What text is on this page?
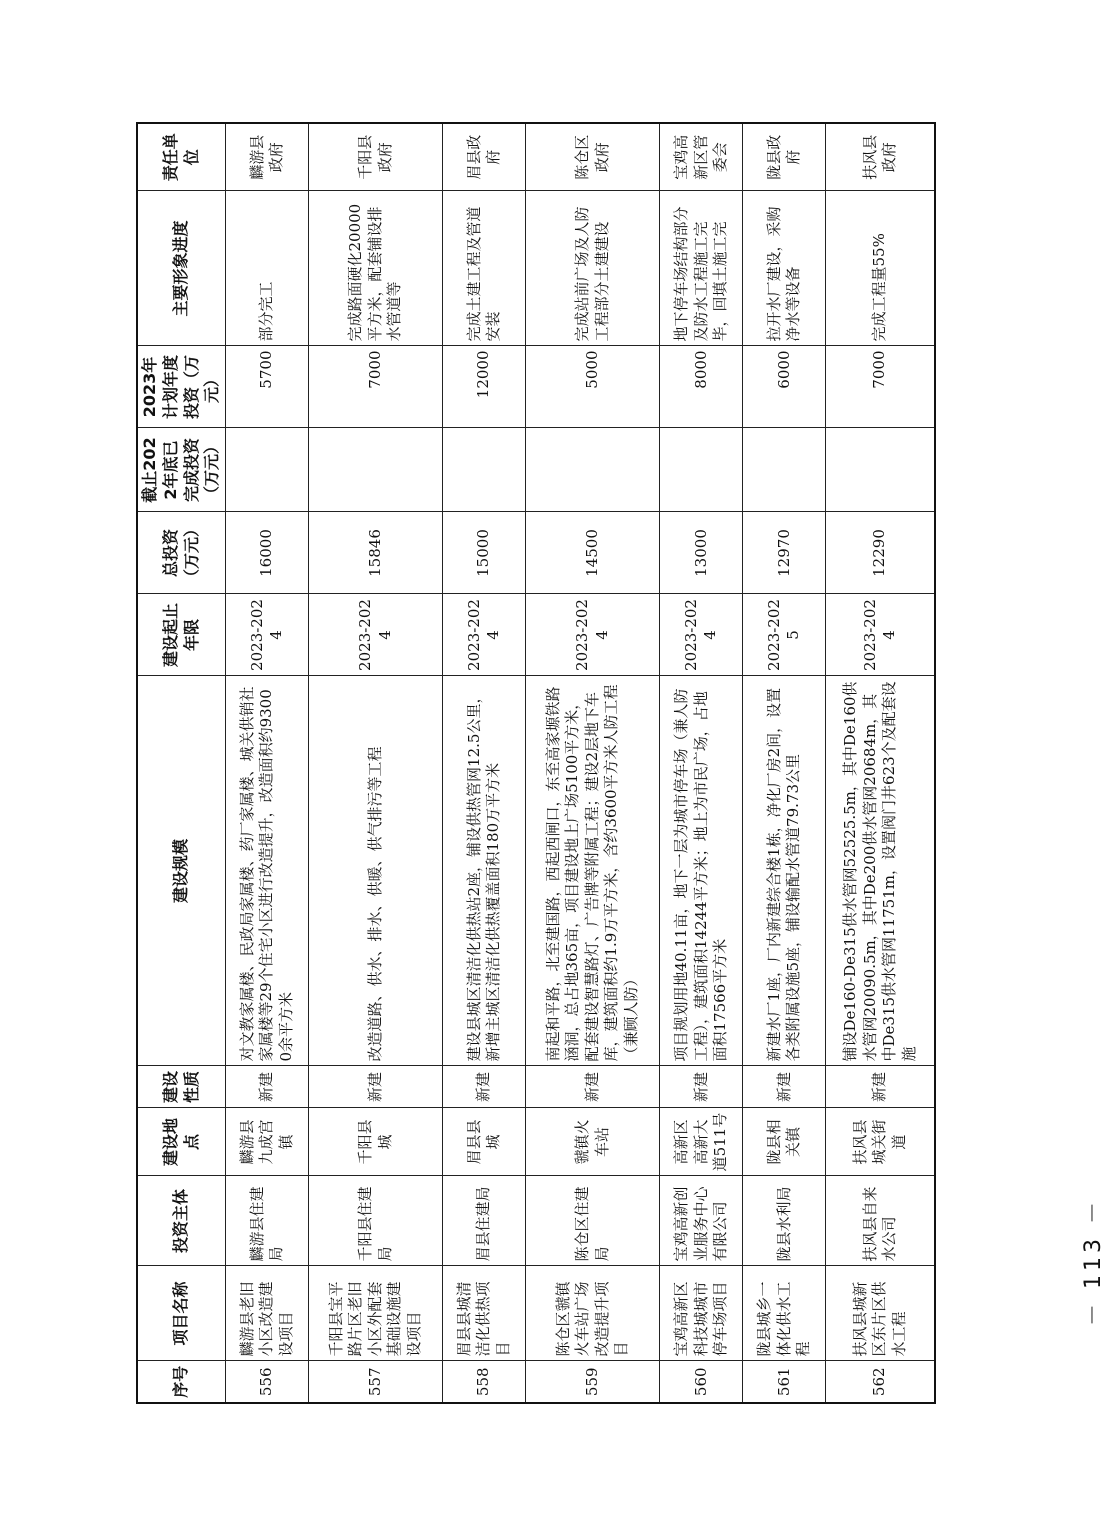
序号	项目名称	投资主体	建设地点	建设性质	建设规模	建设起止年限	总投资（万元）	截止2022年底已完成投资（万元）	2023年计划年度投资（万元）	主要形象进度	责任单位
556	麟游县老旧小区改造建设项目	麟游县住建局	麟游县九成宫镇	新建	对文教家属楼、民政局家属楼、药厂家属楼、城关供销社家属楼等29个住宅小区进行改造提升，改造面积约93000余平方米	2023-2024	16000		5700	部分完工	麟游县政府
557	千阳县宝平路片区老旧小区外配套基础设施建设项目	千阳县住建局	千阳县城	新建	改造道路、供水、排水、供暖、供气排污等工程	2023-2024	15846		7000	完成路面硬化20000平方米，配套铺设排水管道等	千阳县政府
558	眉县县城清洁化供热项目	眉县住建局	眉县县城	新建	建设县城区清洁化供热站2座，铺设供热管网12.5公里，新增主城区清洁化供热覆盖面积180万平方米	2023-2024	15000		12000	完成土建工程及管道安装	眉县政府
559	陈仓区虢镇火车站广场改造提升项目	陈仓区住建局	虢镇火车站	新建	南起和平路，北至建国路，西起西闸口，东至高家塬铁路涵洞，总占地365亩，项目建设地上广场5100平方米，配套建设智慧路灯、广告牌等附属工程；建设2层地下车库，建筑面积约1.9万平方米，含约3600平方米人防工程（兼顾人防）	2023-2024	14500		5000	完成站前广场及人防工程部分土建建设	陈仓区政府
560	宝鸡高新区科技城城市停车场项目	宝鸡高新创业服务中心有限公司	高新区高新大道511号	新建	项目规划用地40.11亩，地下一层为城市停车场（兼人防工程），建筑面积14244平方米；地上为市民广场，占地面积17566平方米	2023-2024	13000		8000	地下停车场结构部分及防水工程施工完毕，回填土施工完	宝鸡高新区管委会
561	陇县城乡一体化供水工程	陇县水利局	陇县相关镇	新建	新建水厂1座，厂内新建综合楼1栋，净化厂房2间，设置各类附属设施5座，铺设输配水管道79.73公里	2023-2025	12970		6000	拉开水厂建设，采购净水等设备	陇县政府
562	扶风县城新区东片区供水工程	扶风县自来水公司	扶风县城关街道	新建	铺设De160-De315供水管网52525.5m，其中De160供水管网20090.5m，其中De200供水管网20684m，其中De315供水管网11751m，设置阀门井623个及配套设施	2023-2024	12290		7000	完成工程量55%	扶风县政府
－ 113 －
